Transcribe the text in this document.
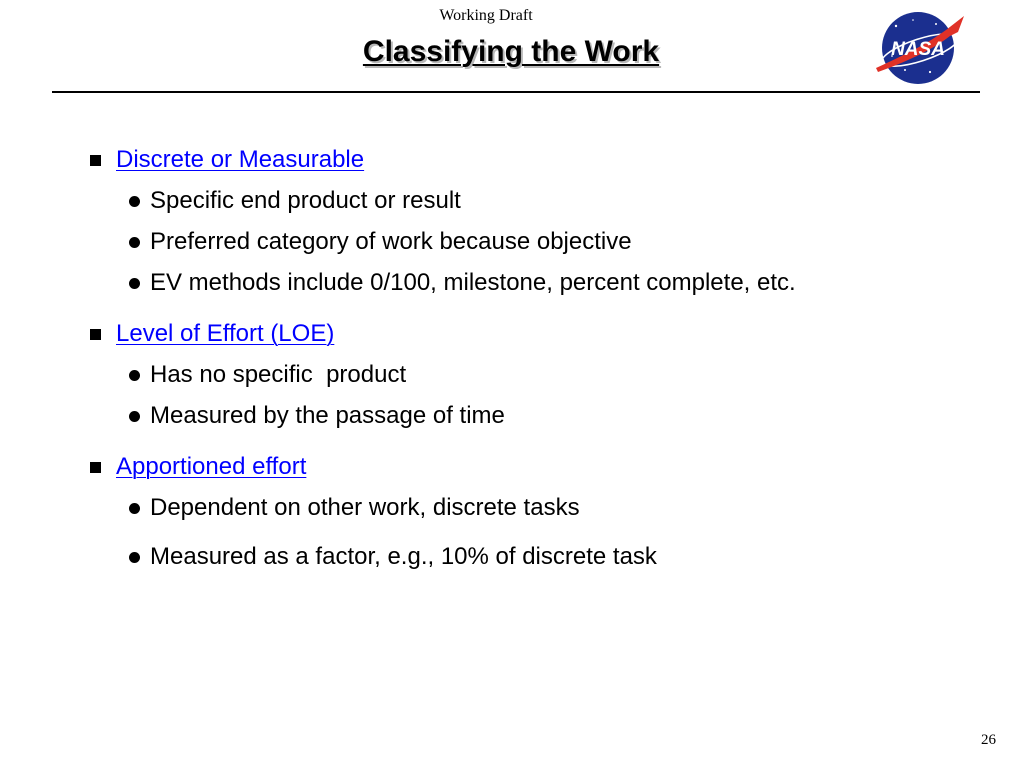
Working Draft
Classifying the Work	NASA
Discrete or Measurable
Specific end product or result
Preferred category of work because objective
EV methods include 0/100, milestone, percent complete, etc.
Level of Effort (LOE)
Has no specific  product
Measured by the passage of time
Apportioned effort
Dependent on other work, discrete tasks
Measured as a factor, e.g., 10% of discrete task
26
